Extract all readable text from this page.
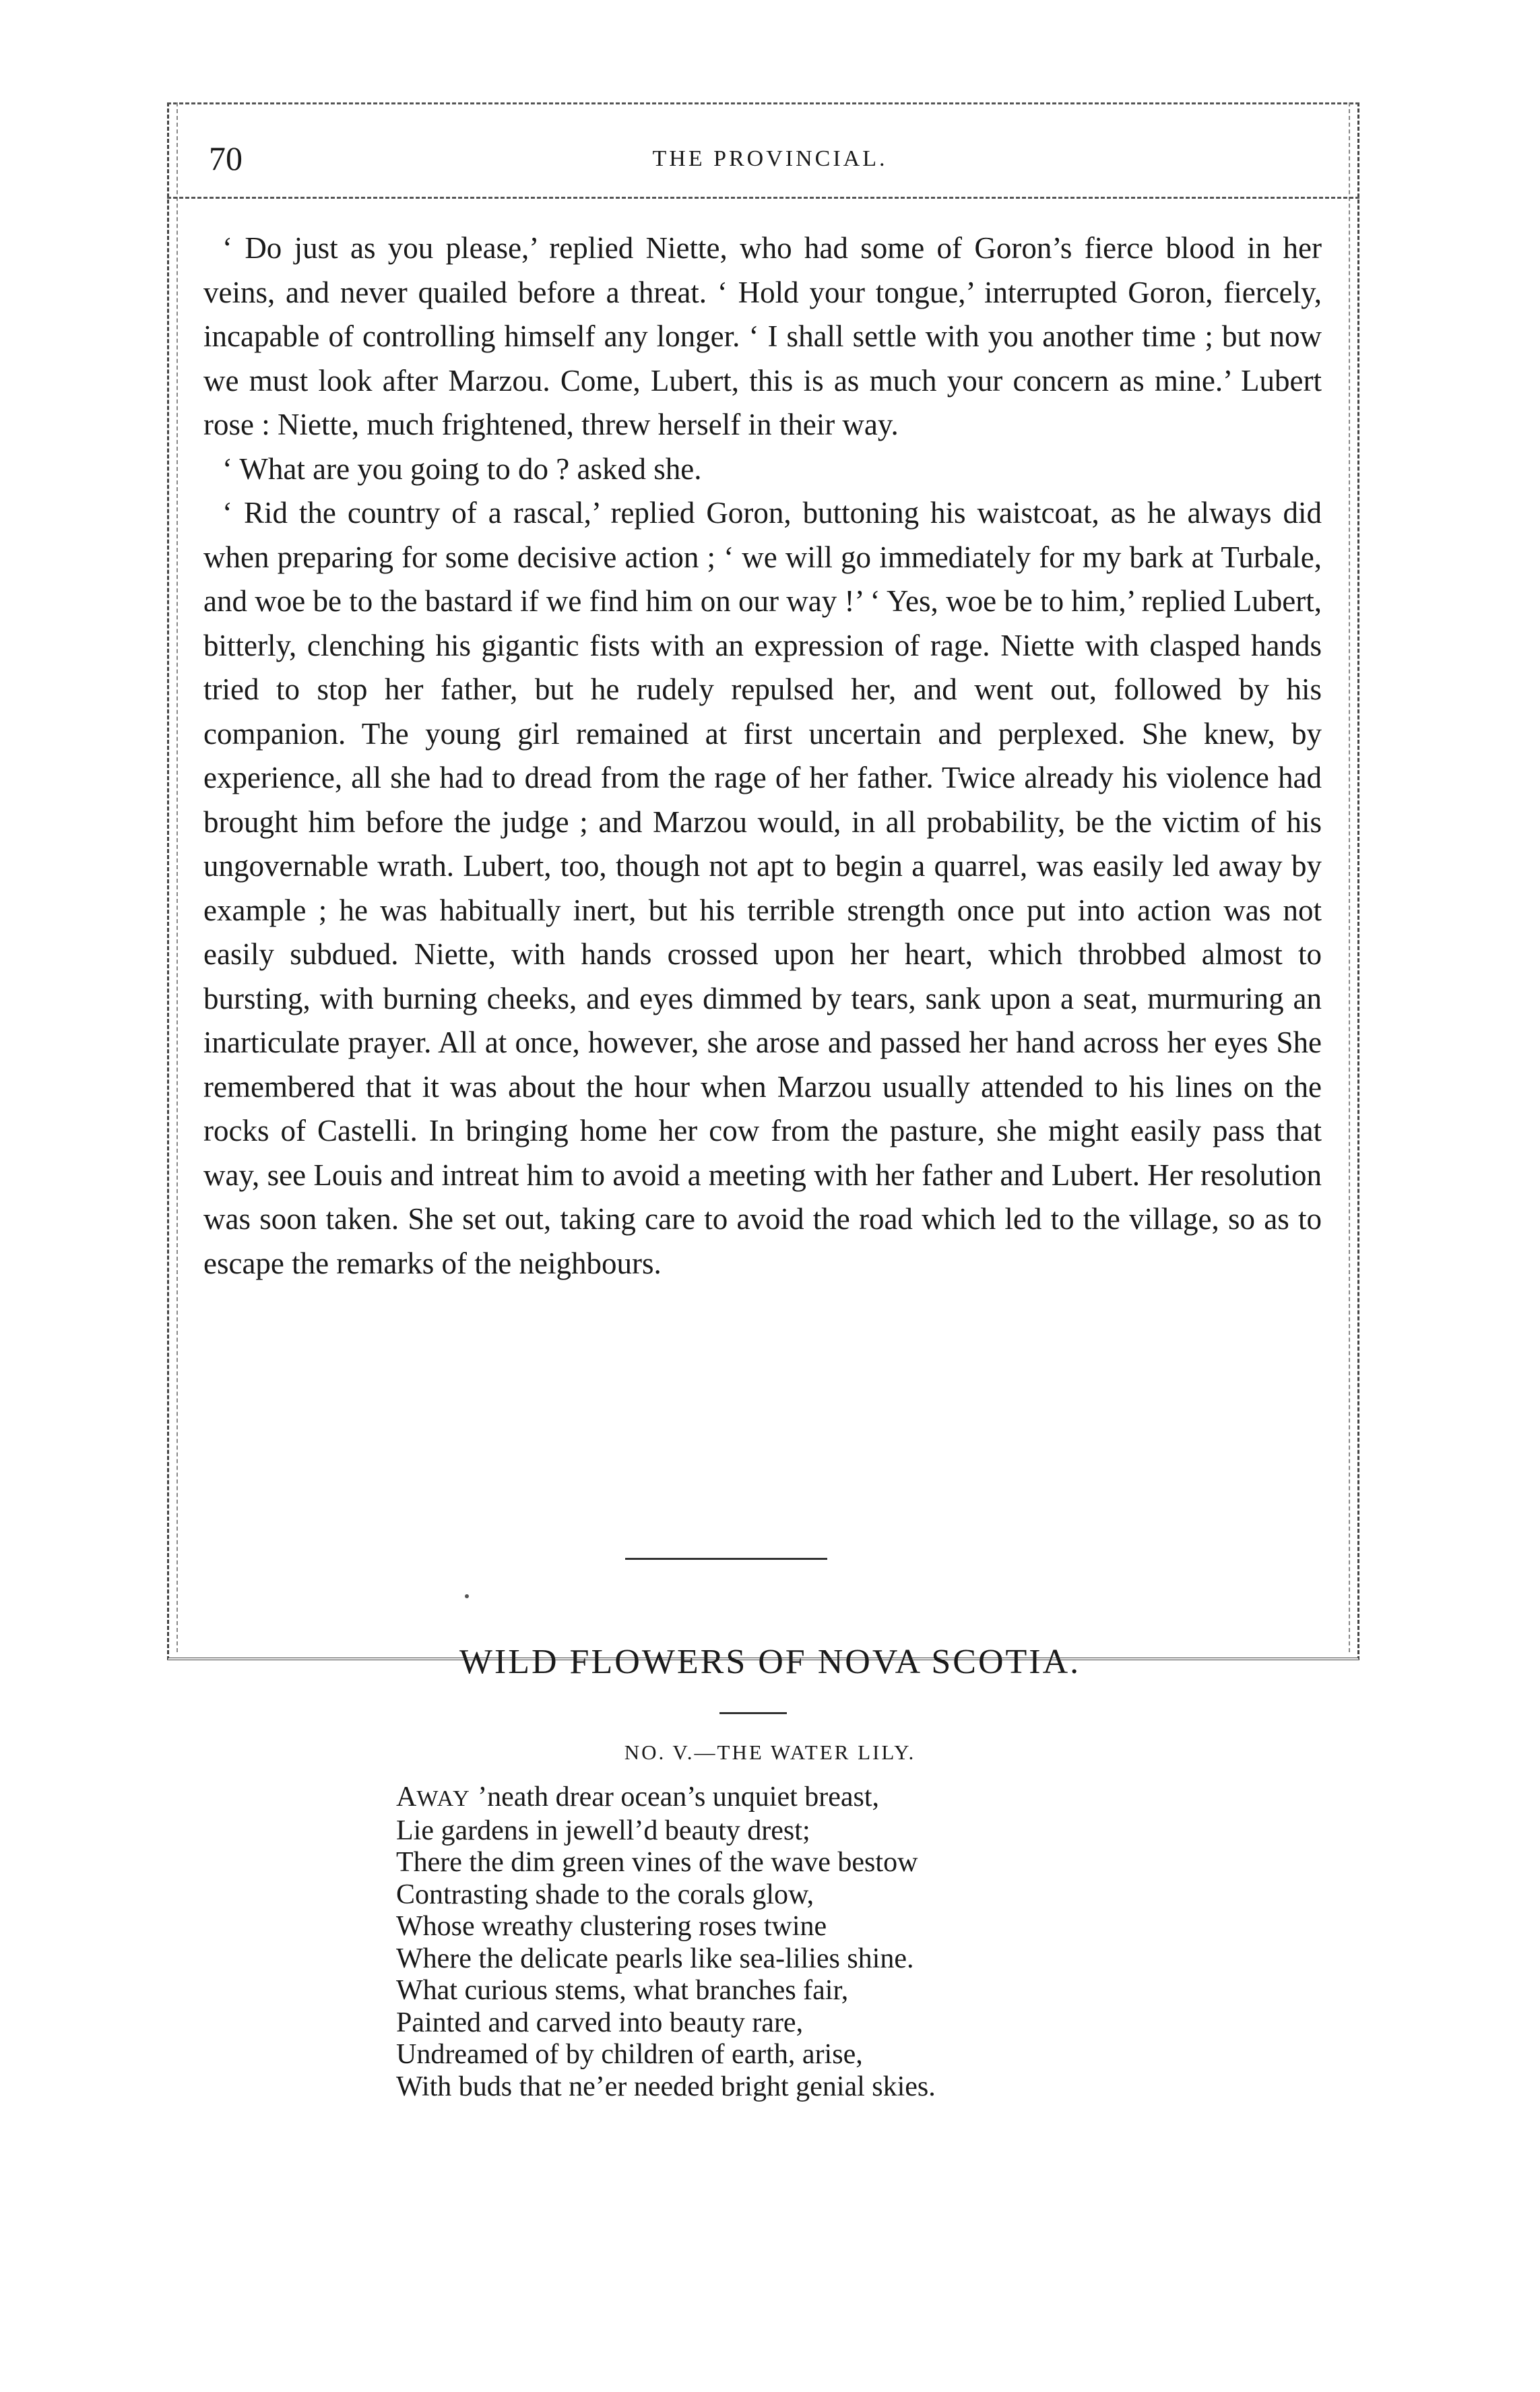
70	THE PROVINCIAL.

‘ Do just as you please,’ replied Niette, who had some of Goron’s fierce blood in her veins, and never quailed before a threat. ‘ Hold your tongue,’ interrupted Goron, fiercely, incapable of controlling himself any longer. ‘ I shall settle with you another time ; but now we must look after Marzou. Come, Lubert, this is as much your concern as mine.’ Lubert rose : Niette, much frightened, threw herself in their way.

‘ What are you going to do ? asked she.

‘ Rid the country of a rascal,’ replied Goron, buttoning his waistcoat, as he always did when preparing for some decisive action ; ‘ we will go immediately for my bark at Turbale, and woe be to the bastard if we find him on our way !’ ‘ Yes, woe be to him,’ replied Lubert, bitterly, clenching his gigantic fists with an expression of rage. Niette with clasped hands tried to stop her father, but he rudely repulsed her, and went out, followed by his companion. The young girl remained at first uncertain and perplexed. She knew, by experience, all she had to dread from the rage of her father. Twice already his violence had brought him before the judge ; and Marzou would, in all probability, be the victim of his ungovernable wrath. Lubert, too, though not apt to begin a quarrel, was easily led away by example ; he was habitually inert, but his terrible strength once put into action was not easily subdued. Niette, with hands crossed upon her heart, which throbbed almost to bursting, with burning cheeks, and eyes dimmed by tears, sank upon a seat, murmuring an inarticulate prayer. All at once, however, she arose and passed her hand across her eyes She remembered that it was about the hour when Marzou usually attended to his lines on the rocks of Castelli. In bringing home her cow from the pasture, she might easily pass that way, see Louis and intreat him to avoid a meeting with her father and Lubert. Her resolution was soon taken. She set out, taking care to avoid the road which led to the village, so as to escape the remarks of the neighbours.

WILD FLOWERS OF NOVA SCOTIA.
NO. V.—THE WATER LILY.
AWAY ’neath drear ocean’s unquiet breast,
Lie gardens in jewell’d beauty drest;
There the dim green vines of the wave bestow
Contrasting shade to the corals glow,
Whose wreathy clustering roses twine
Where the delicate pearls like sea-lilies shine.
What curious stems, what branches fair,
Painted and carved into beauty rare,
Undreamed of by children of earth, arise,
With buds that ne’er needed bright genial skies.
